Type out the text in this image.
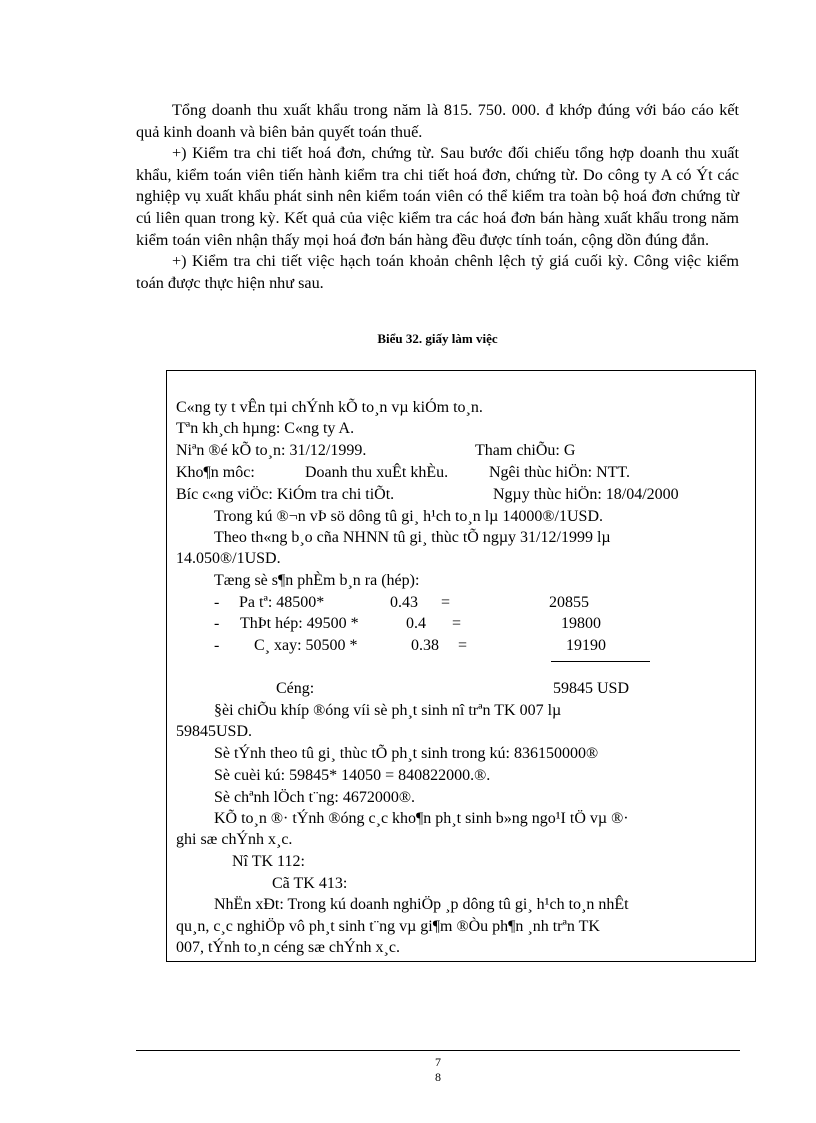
Tổng doanh thu xuất khẩu trong năm là 815. 750. 000. đ khớp đúng với báo cáo kết quả kinh doanh và biên bản quyết toán thuế.

+) Kiểm tra chi tiết hoá đơn, chứng từ. Sau bước đối chiếu tổng hợp doanh thu xuất khẩu, kiểm toán viên tiến hành kiểm tra chi tiết hoá đơn, chứng từ. Do công ty A có Ýt các nghiệp vụ xuất khẩu phát sinh nên kiểm toán viên có thể kiểm tra toàn bộ hoá đơn chứng từ cú liên quan trong kỳ. Kết quả của việc kiểm tra các hoá đơn bán hàng xuất khẩu trong năm kiểm toán viên nhận thấy mọi hoá đơn bán hàng đều được tính toán, cộng dồn đúng đắn.

+) Kiểm tra chi tiết việc hạch toán khoản chênh lệch tỷ giá cuối kỳ. Công việc kiểm toán được thực hiện như sau.

Biểu 32. giấy làm việc
C«ng ty t vÊn tµi chÝnh kÕ to¸n vµ kiÓm to¸n.
Tªn kh¸ch hµng: C«ng ty A.
Niªn ®é kÕ to¸n: 31/12/1999.	Tham chiÕu: G
Kho¶n môc:	Doanh thu xuÊt khÈu.	Ngêi thùc hiÖn: NTT.
Bíc c«ng viÖc: KiÓm tra chi tiÕt.	Ngµy thùc hiÖn: 18/04/2000
Trong kú ®¬n vÞ sö dông tû gi¸ h¹ch to¸n lµ 14000®/1USD.
Theo th«ng b¸o cña NHNN tû gi¸ thùc tÕ ngµy 31/12/1999 lµ
14.050®/1USD.
Tæng sè s¶n phÈm b¸n ra (hép):
- Pa tª: 48500*	0.43 =	20855
- ThÞt hép: 49500 *	0.4 =	19800
- C¸ xay: 50500 *	0.38 =	19190
Céng:	59845 USD
§èi chiÕu khíp ®óng víi sè ph¸t sinh nî trªn TK 007 lµ
59845USD.
Sè tÝnh theo tû gi¸ thùc tÕ ph¸t sinh trong kú: 836150000®
Sè cuèi kú: 59845* 14050 = 840822000.®.
Sè chªnh lÖch t¨ng: 4672000®.
KÕ to¸n ®· tÝnh ®óng c¸c kho¶n ph¸t sinh b»ng ngo¹I tÖ vµ ®·
ghi sæ chÝnh x¸c.
Nî TK 112:
Cã TK 413:
NhËn xÐt: Trong kú doanh nghiÖp ¸p dông tû gi¸ h¹ch to¸n nhÊt
qu¸n, c¸c nghiÖp vô ph¸t sinh t¨ng vµ gi¶m ®Òu ph¶n ¸nh trªn TK
007, tÝnh to¸n céng sæ chÝnh x¸c.
7
8
